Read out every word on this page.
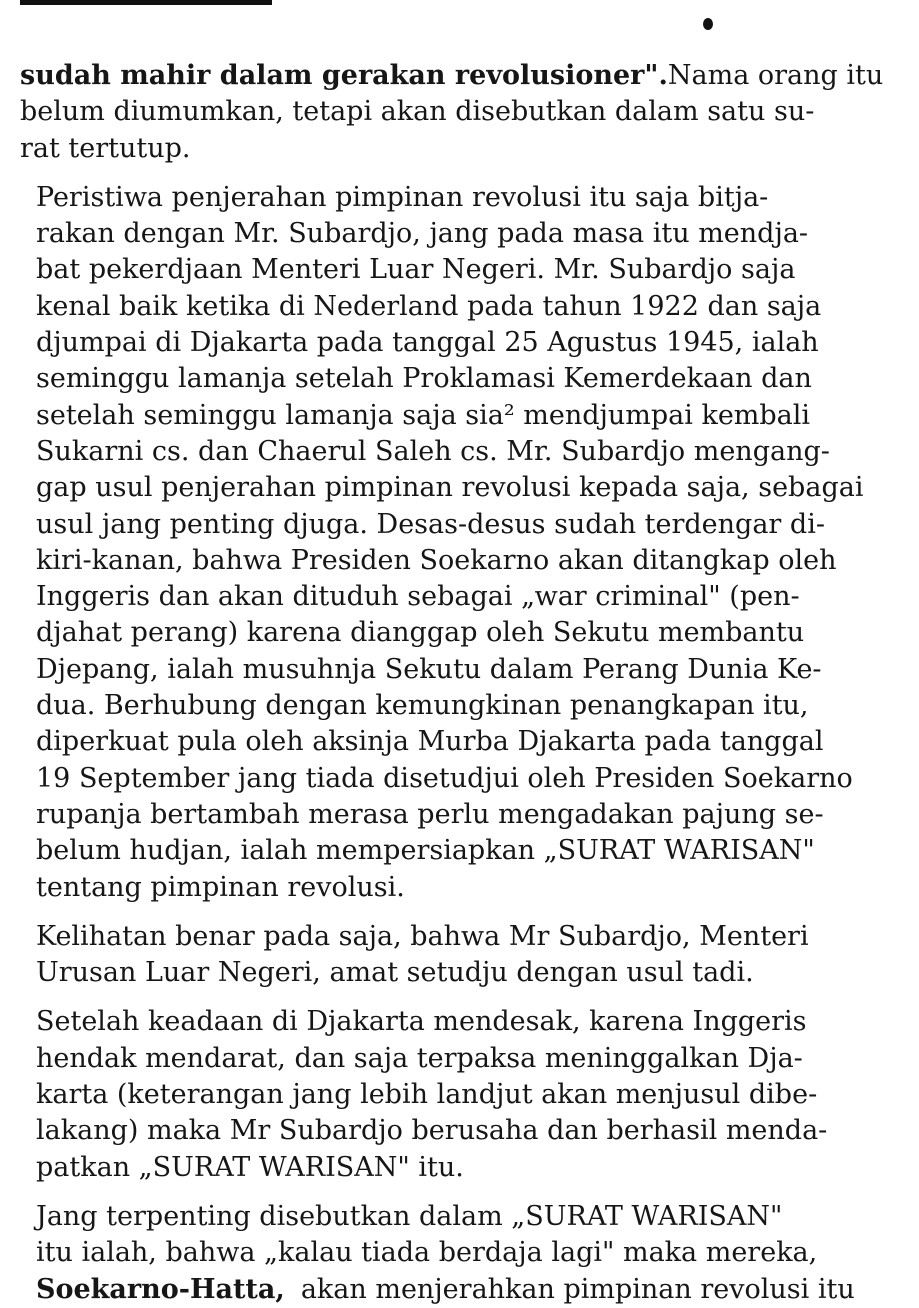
sudah mahir dalam gerakan revolusioner". Nama orang itu
belum diumumkan, tetapi akan disebutkan dalam satu su-
rat tertutup.

Peristiwa penjerahan pimpinan revolusi itu saja bitja-
rakan dengan Mr. Subardjo, jang pada masa itu mendja-
bat pekerdjaan Menteri Luar Negeri. Mr. Subardjo saja
kenal baik ketika di Nederland pada tahun 1922 dan saja
djumpai di Djakarta pada tanggal 25 Agustus 1945, ialah
seminggu lamanja setelah Proklamasi Kemerdekaan dan
setelah seminggu lamanja saja sia² mendjumpai kembali
Sukarni cs. dan Chaerul Saleh cs. Mr. Subardjo mengang-
gap usul penjerahan pimpinan revolusi kepada saja, sebagai
usul jang penting djuga. Desas-desus sudah terdengar di-
kiri-kanan, bahwa Presiden Soekarno akan ditangkap oleh
Inggeris dan akan dituduh sebagai „war criminal" (pen-
djahat perang) karena dianggap oleh Sekutu membantu
Djepang, ialah musuhnja Sekutu dalam Perang Dunia Ke-
dua. Berhubung dengan kemungkinan penangkapan itu,
diperkuat pula oleh aksinja Murba Djakarta pada tanggal
19 September jang tiada disetudjui oleh Presiden Soekarno
rupanja bertambah merasa perlu mengadakan pajung se-
belum hudjan, ialah mempersiapkan „SURAT WARISAN"
tentang pimpinan revolusi.

Kelihatan benar pada saja, bahwa Mr Subardjo, Menteri
Urusan Luar Negeri, amat setudju dengan usul tadi.

Setelah keadaan di Djakarta mendesak, karena Inggeris
hendak mendarat, dan saja terpaksa meninggalkan Dja-
karta (keterangan jang lebih landjut akan menjusul dibe-
lakang) maka Mr Subardjo berusaha dan berhasil menda-
patkan „SURAT WARISAN" itu.

Jang terpenting disebutkan dalam „SURAT WARISAN"
itu ialah, bahwa „kalau tiada berdaja lagi" maka mereka,
Soekarno-Hatta, akan menjerahkan pimpinan revolusi itu
